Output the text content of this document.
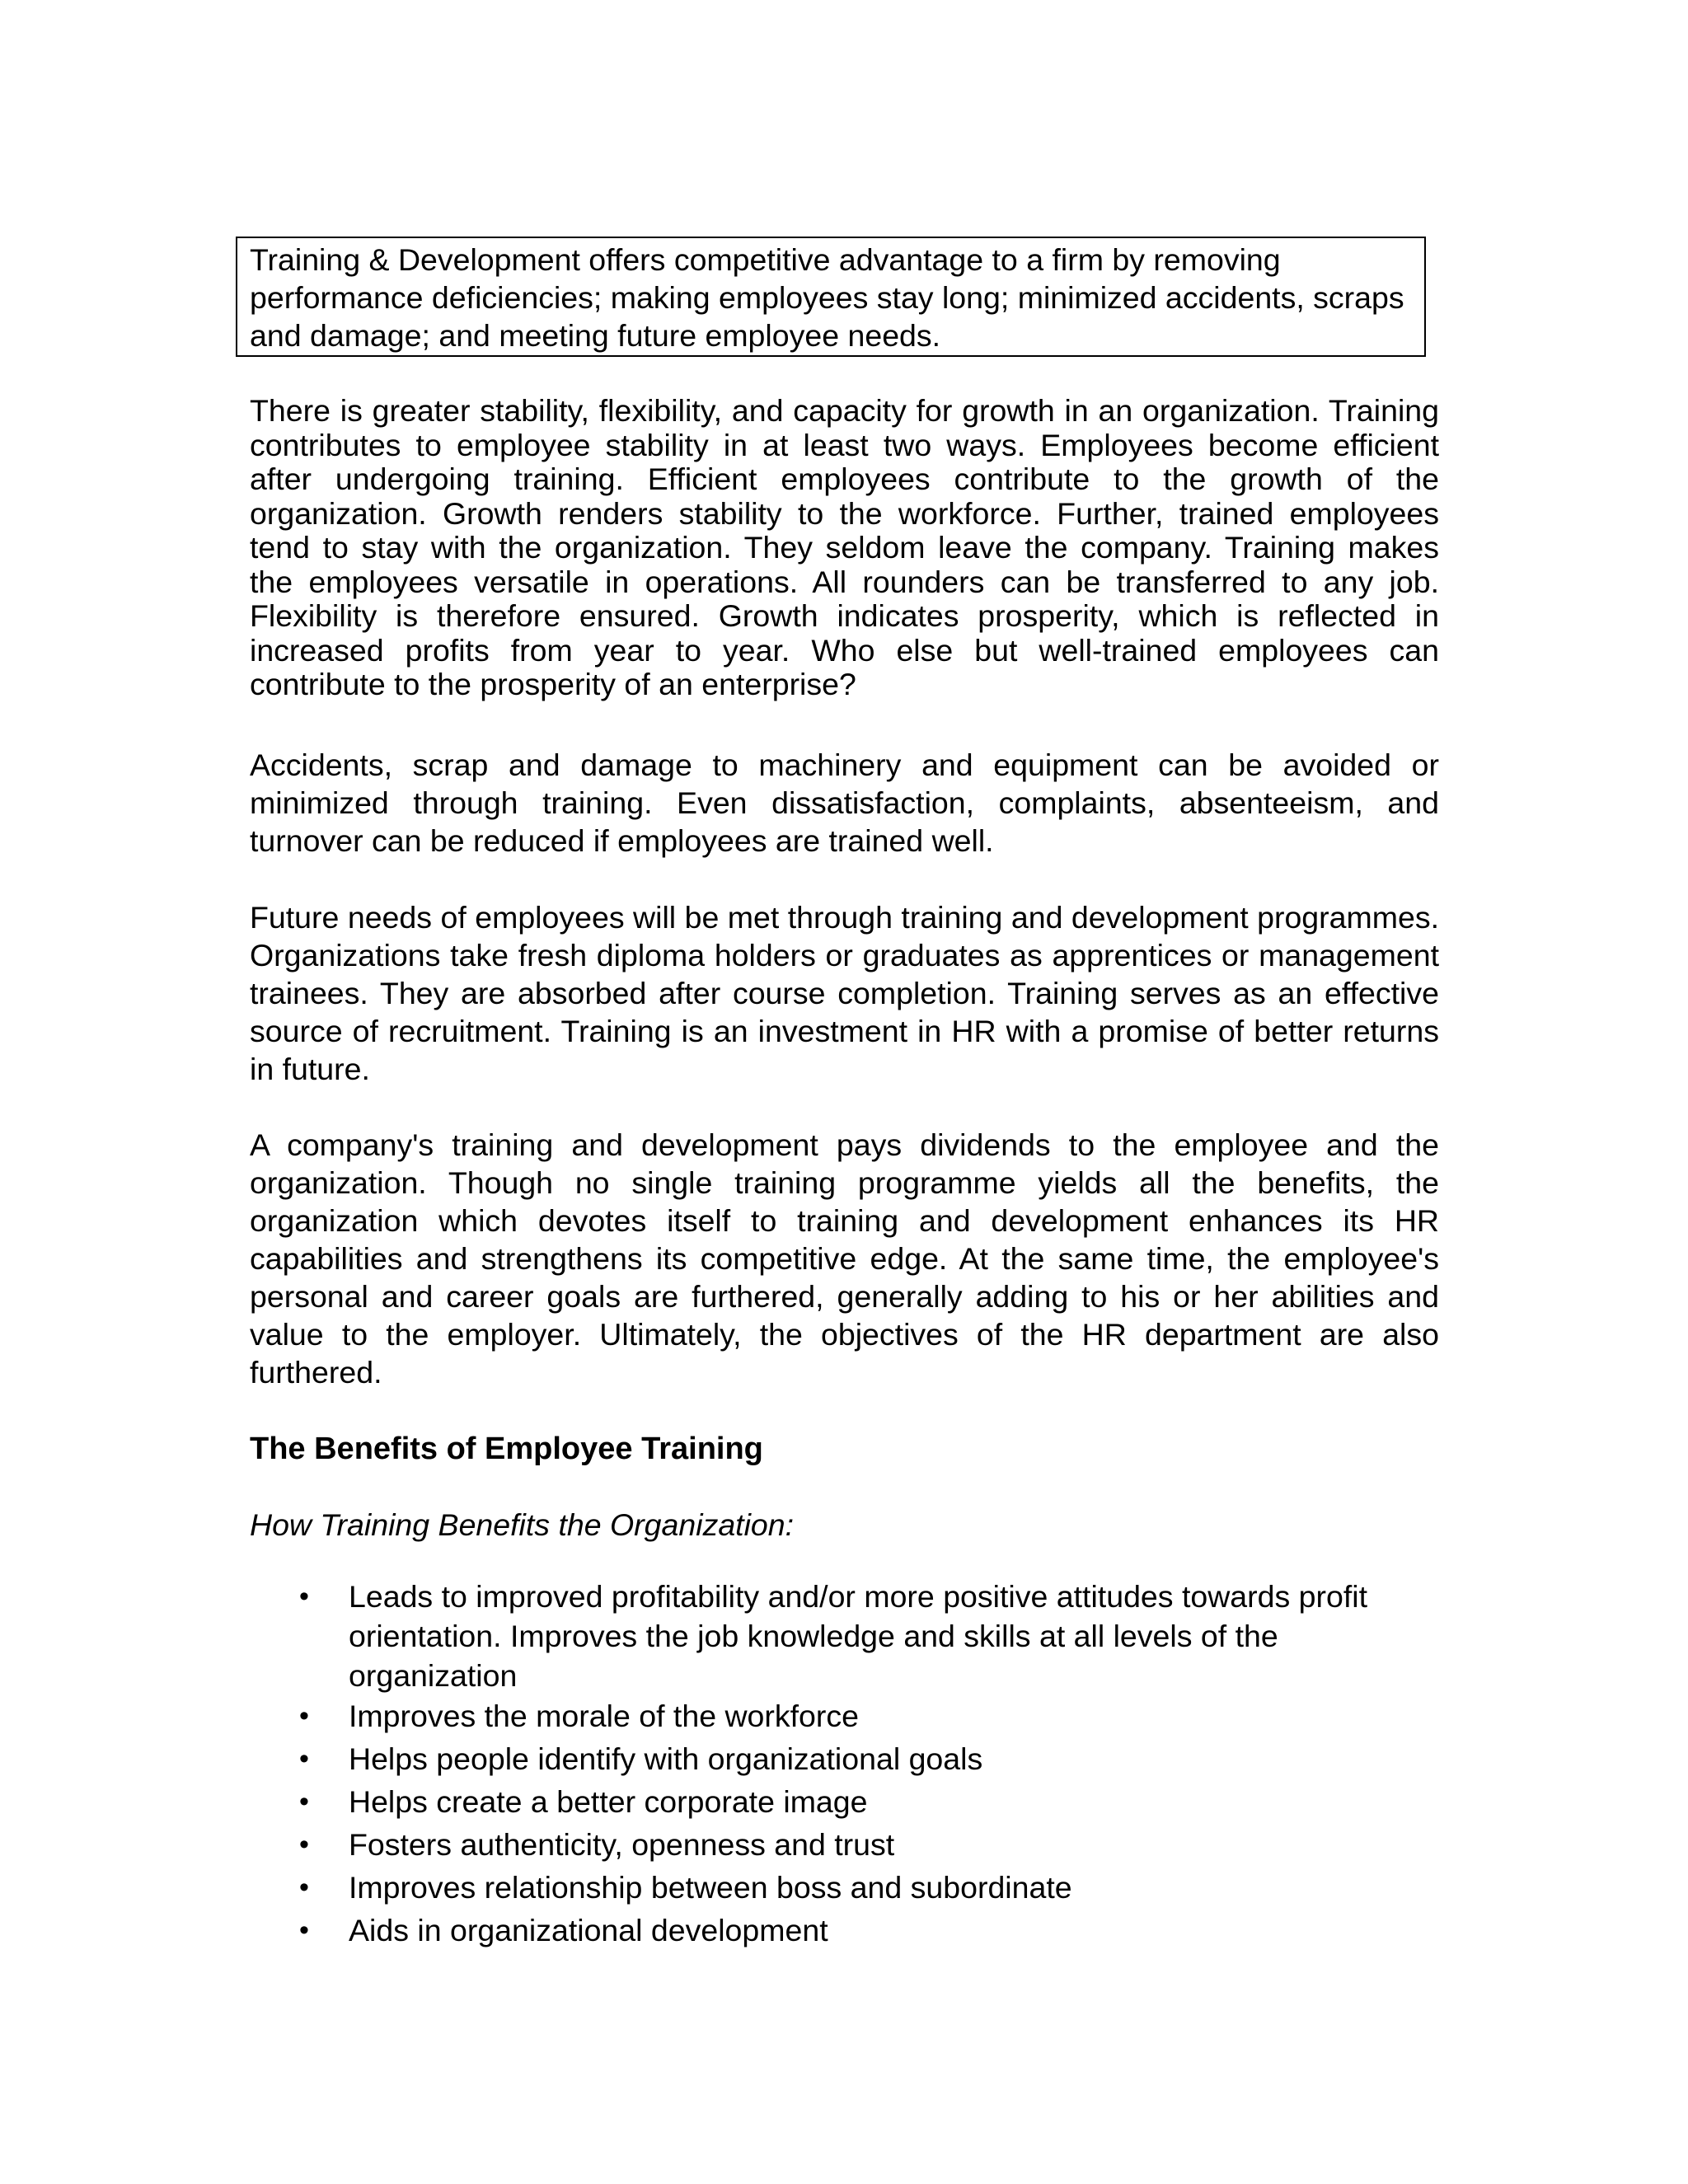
Training & Development offers competitive advantage to a firm by removing performance deficiencies; making employees stay long; minimized accidents, scraps and damage; and meeting future employee needs.

There is greater stability, flexibility, and capacity for growth in an organization. Training contributes to employee stability in at least two ways. Employees become efficient after undergoing training. Efficient employees contribute to the growth of the organization. Growth renders stability to the workforce. Further, trained employees tend to stay with the organization. They seldom leave the company. Training makes the employees versatile in operations. All rounders can be transferred to any job. Flexibility is therefore ensured. Growth indicates prosperity, which is reflected in increased profits from year to year. Who else but well-trained employees can contribute to the prosperity of an enterprise?

Accidents, scrap and damage to machinery and equipment can be avoided or minimized through training. Even dissatisfaction, complaints, absenteeism, and turnover can be reduced if employees are trained well.

Future needs of employees will be met through training and development programmes. Organizations take fresh diploma holders or graduates as apprentices or management trainees. They are absorbed after course completion. Training serves as an effective source of recruitment. Training is an investment in HR with a promise of better returns in future.

A company's training and development pays dividends to the employee and the organization. Though no single training programme yields all the benefits, the organization which devotes itself to training and development enhances its HR capabilities and strengthens its competitive edge. At the same time, the employee's personal and career goals are furthered, generally adding to his or her abilities and value to the employer. Ultimately, the objectives of the HR department are also furthered.

The Benefits of Employee Training

How Training Benefits the Organization:

• Leads to improved profitability and/or more positive attitudes towards profit orientation. Improves the job knowledge and skills at all levels of the organization
• Improves the morale of the workforce
• Helps people identify with organizational goals
• Helps create a better corporate image
• Fosters authenticity, openness and trust
• Improves relationship between boss and subordinate
• Aids in organizational development
